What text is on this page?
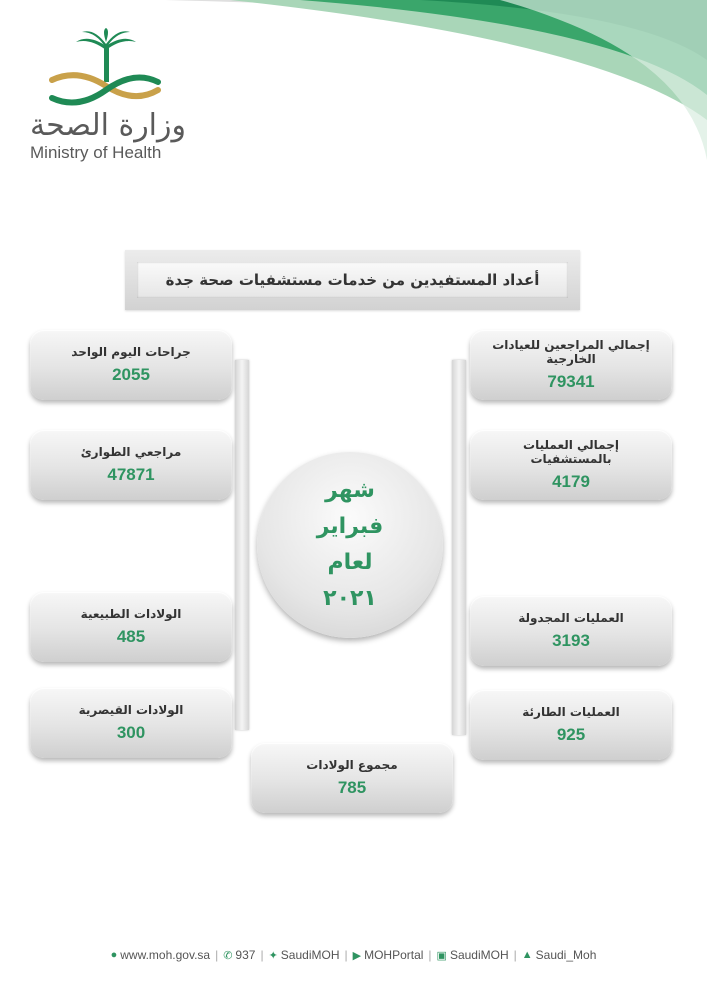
وزارة الصحة
Ministry of Health
أعداد المستفيدين من خدمات مستشفيات صحة جدة
جراحات اليوم الواحد
2055
مراجعي الطوارئ
47871
الولادات الطبيعية
485
الولادات القيصرية
300
إجمالي المراجعين للعيادات الخارجية
79341
إجمالي العمليات بالمستشفيات
4179
العمليات المجدولة
3193
العمليات الطارئة
925
مجموع الولادات
785
شهر
فبراير
لعام
٢٠٢١
● www.moh.gov.sa | ✆ 937 | ✦ SaudiMOH | ▶ MOHPortal | ▣ SaudiMOH | ▲ Saudi_Moh
